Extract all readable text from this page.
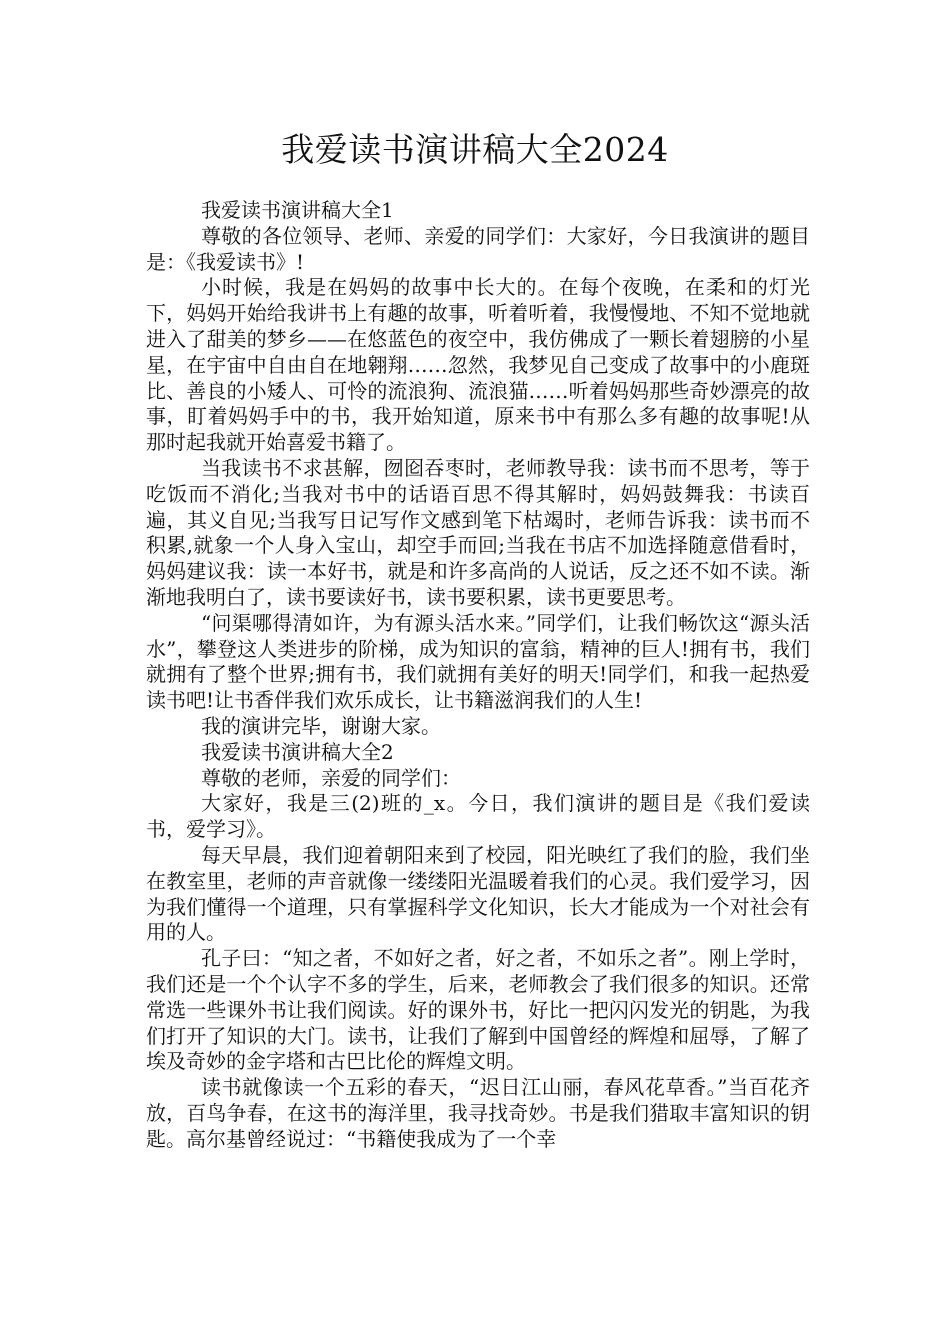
我爱读书演讲稿大全2024

我爱读书演讲稿大全1

尊敬的各位领导、老师、亲爱的同学们：大家好，今日我演讲的题目是：《我爱读书》!

小时候，我是在妈妈的故事中长大的。在每个夜晚，在柔和的灯光下，妈妈开始给我讲书上有趣的故事，听着听着，我慢慢地、不知不觉地就进入了甜美的梦乡——在悠蓝色的夜空中，我仿佛成了一颗长着翅膀的小星星，在宇宙中自由自在地翱翔……忽然，我梦见自己变成了故事中的小鹿斑比、善良的小矮人、可怜的流浪狗、流浪猫……听着妈妈那些奇妙漂亮的故事，盯着妈妈手中的书，我开始知道，原来书中有那么多有趣的故事呢!从那时起我就开始喜爱书籍了。

当我读书不求甚解，囫囵吞枣时，老师教导我：读书而不思考，等于吃饭而不消化;当我对书中的话语百思不得其解时，妈妈鼓舞我：书读百遍，其义自见;当我写日记写作文感到笔下枯竭时，老师告诉我：读书而不积累,就象一个人身入宝山，却空手而回;当我在书店不加选择随意借看时，妈妈建议我：读一本好书，就是和许多高尚的人说话，反之还不如不读。渐渐地我明白了，读书要读好书，读书要积累，读书更要思考。

“问渠哪得清如许，为有源头活水来。”同学们，让我们畅饮这“源头活水”，攀登这人类进步的阶梯，成为知识的富翁，精神的巨人!拥有书，我们就拥有了整个世界;拥有书，我们就拥有美好的明天!同学们，和我一起热爱读书吧!让书香伴我们欢乐成长，让书籍滋润我们的人生!

我的演讲完毕，谢谢大家。

我爱读书演讲稿大全2

尊敬的老师，亲爱的同学们：

大家好，我是三(2)班的_x。今日，我们演讲的题目是《我们爱读书，爱学习》。

每天早晨，我们迎着朝阳来到了校园，阳光映红了我们的脸，我们坐在教室里，老师的声音就像一缕缕阳光温暖着我们的心灵。我们爱学习，因为我们懂得一个道理，只有掌握科学文化知识，长大才能成为一个对社会有用的人。

孔子曰：“知之者，不如好之者，好之者，不如乐之者”。刚上学时，我们还是一个个认字不多的学生，后来，老师教会了我们很多的知识。还常常选一些课外书让我们阅读。好的课外书，好比一把闪闪发光的钥匙，为我们打开了知识的大门。读书，让我们了解到中国曾经的辉煌和屈辱，了解了埃及奇妙的金字塔和古巴比伦的辉煌文明。

读书就像读一个五彩的春天，“迟日江山丽，春风花草香。”当百花齐放，百鸟争春，在这书的海洋里，我寻找奇妙。书是我们猎取丰富知识的钥匙。高尔基曾经说过：“书籍使我成为了一个幸
